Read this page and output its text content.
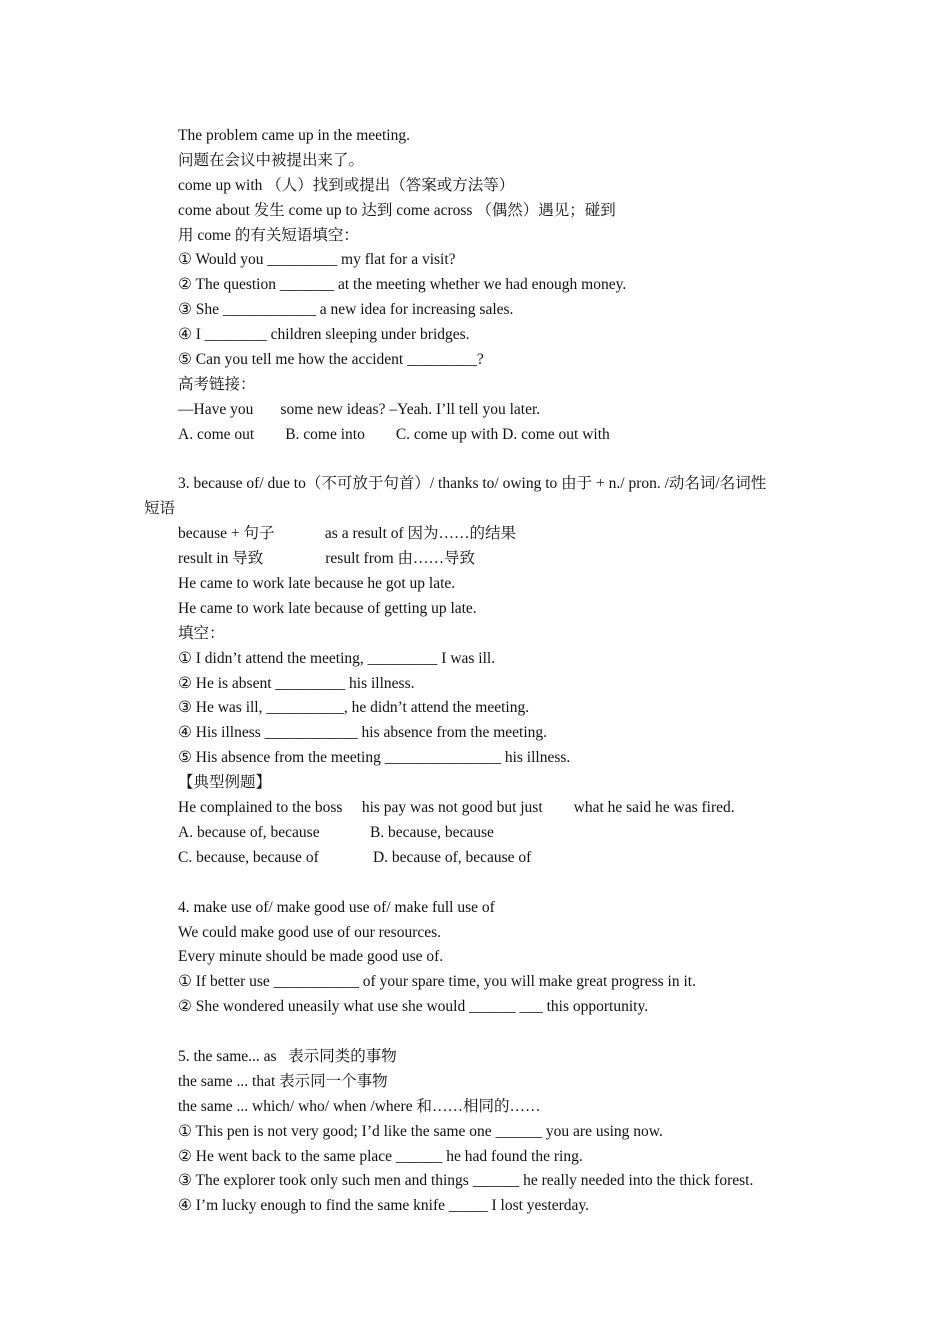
The problem came up in the meeting.
问题在会议中被提出来了。
come up with （人）找到或提出（答案或方法等）
come about 发生 come up to 达到 come across （偶然）遇见；碰到
用 come 的有关短语填空：
① Would you _________ my flat for a visit?
② The question _______ at the meeting whether we had enough money.
③ She ____________ a new idea for increasing sales.
④ I ________ children sleeping under bridges.
⑤ Can you tell me how the accident _________?
高考链接：
—Have you       some new ideas? –Yeah. I’ll tell you later.
A. come out        B. come into        C. come up with D. come out with
3. because of/ due to（不可放于句首）/ thanks to/ owing to 由于 + n./ pron. /动名词/名词性
短语
because + 句子             as a result of 因为……的结果
result in 导致                result from 由……导致
He came to work late because he got up late.
He came to work late because of getting up late.
填空：
① I didn’t attend the meeting, _________ I was ill.
② He is absent _________ his illness.
③ He was ill, __________, he didn’t attend the meeting.
④ His illness ____________ his absence from the meeting.
⑤ His absence from the meeting _______________ his illness.
【典型例题】
He complained to the boss     his pay was not good but just        what he said he was fired.
A. because of, because             B. because, because
C. because, because of              D. because of, because of
4. make use of/ make good use of/ make full use of
We could make good use of our resources.
Every minute should be made good use of.
① If better use ___________ of your spare time, you will make great progress in it.
② She wondered uneasily what use she would ______ ___ this opportunity.
5. the same... as   表示同类的事物
the same ... that 表示同一个事物
the same ... which/ who/ when /where 和……相同的……
① This pen is not very good; I’d like the same one ______ you are using now.
② He went back to the same place ______ he had found the ring.
③ The explorer took only such men and things ______ he really needed into the thick forest.
④ I’m lucky enough to find the same knife _____ I lost yesterday.
